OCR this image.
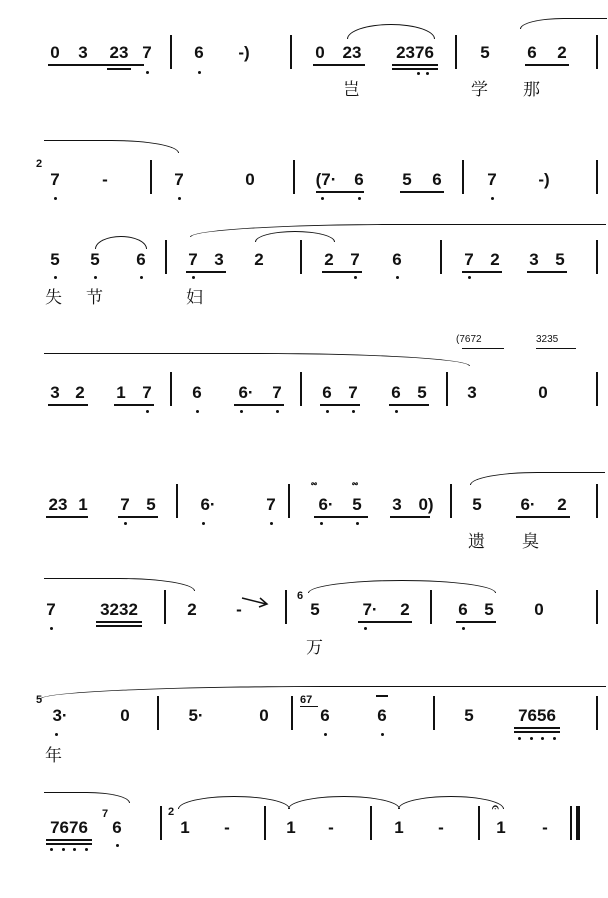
0 3 23 7	6	-)	0 23 2376	5 6 2
岂	学 那
2
7 -	7	0	(7·	6 5 6	7	-)
5 5 6	7 3 2	2 7 6	7 2 3 5
失 节	妇
(7672	3235
3 2 1 7 6 6· 7 6 7 6 5 3	0
23 1 7 5	6·	7
𝆗	𝆗
6· 5 3 0) 5 6· 2
遗 臭
7	3232	2 -
6
5	7· 2	6 5 0
万
5
3·	0	5·	0
67
6	6	5	7656
年
7676
7
6
2
1 -	1 -	1 -
𝄐
1 -
